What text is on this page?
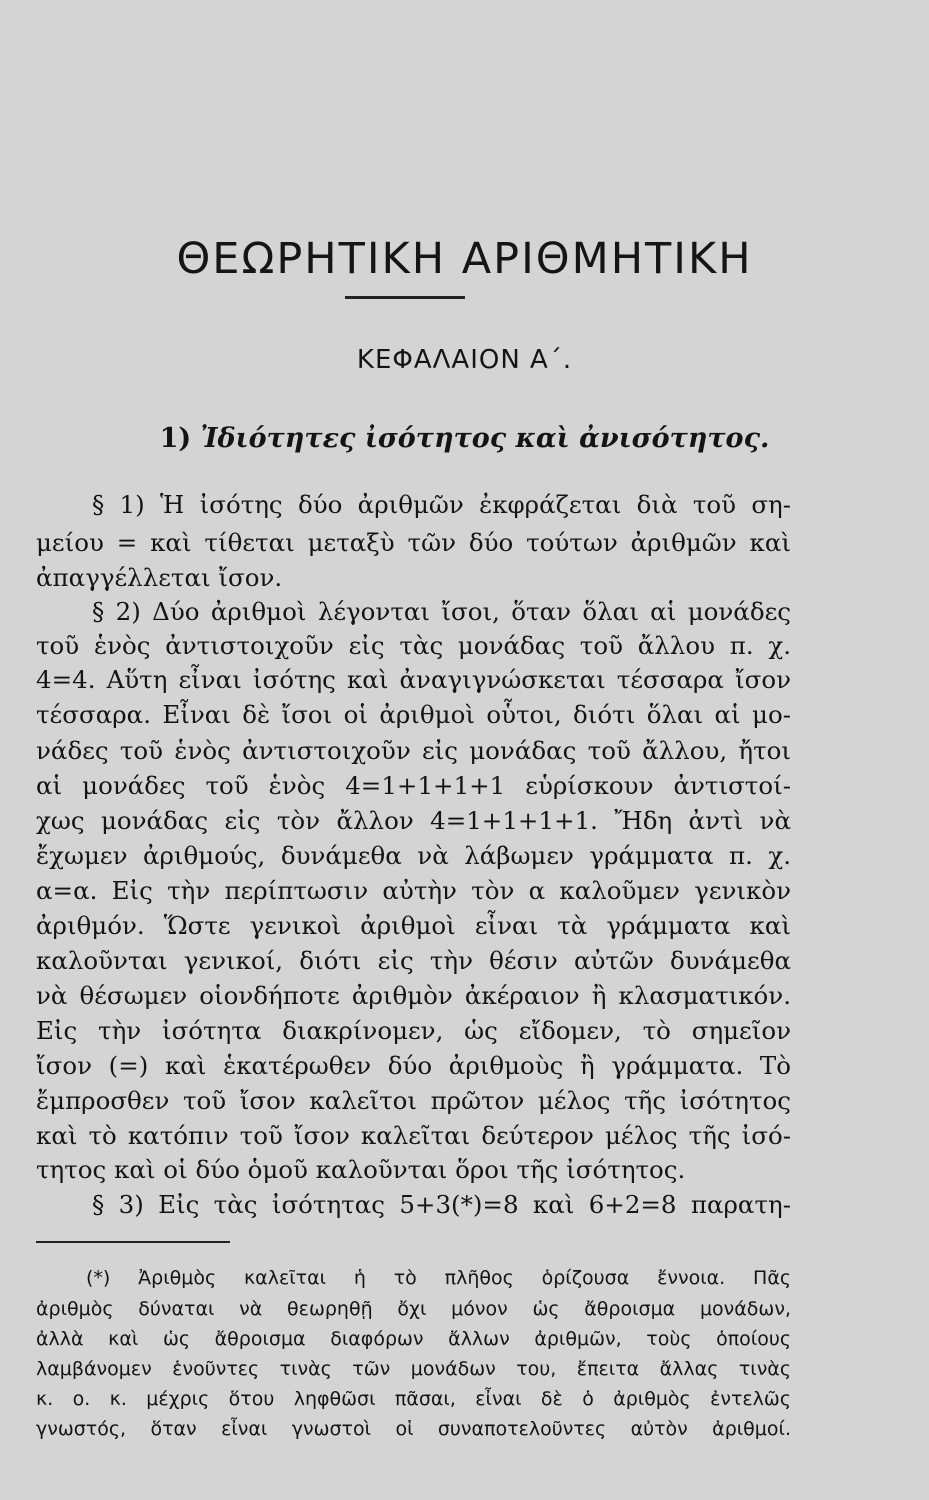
ΘΕΩΡΗΤΙΚΗ ΑΡΙΘΜΗΤΙΚΗ
ΚΕΦΑΛΑΙΟΝ Α΄.
1) Ἰδιότητες ἰσότητος καὶ ἀνισότητος.
§ 1) Ἡ ἰσότης δύο ἀριθμῶν ἐκφράζεται διὰ τοῦ ση-
μείου = καὶ τίθεται μεταξὺ τῶν δύο τούτων ἀριθμῶν καὶ
ἀπαγγέλλεται ἴσον.
§ 2) Δύο ἀριθμοὶ λέγονται ἴσοι, ὅταν ὅλαι αἱ μονάδες
τοῦ ἑνὸς ἀντιστοιχοῦν εἰς τὰς μονάδας τοῦ ἄλλου π. χ.
4=4. Αὕτη εἶναι ἰσότης καὶ ἀναγιγνώσκεται τέσσαρα ἴσον
τέσσαρα. Εἶναι δὲ ἴσοι οἱ ἀριθμοὶ οὗτοι, διότι ὅλαι αἱ μο-
νάδες τοῦ ἑνὸς ἀντιστοιχοῦν εἰς μονάδας τοῦ ἄλλου, ἤτοι
αἱ μονάδες τοῦ ἑνὸς 4=1+1+1+1 εὑρίσκουν ἀντιστοί-
χως μονάδας εἰς τὸν ἄλλον 4=1+1+1+1. Ἤδη ἀντὶ νὰ
ἔχωμεν ἀριθμούς, δυνάμεθα νὰ λάβωμεν γράμματα π. χ.
α=α. Εἰς τὴν περίπτωσιν αὐτὴν τὸν α καλοῦμεν γενικὸν
ἀριθμόν. Ὥστε γενικοὶ ἀριθμοὶ εἶναι τὰ γράμματα καὶ
καλοῦνται γενικοί, διότι εἰς τὴν θέσιν αὐτῶν δυνάμεθα
νὰ θέσωμεν οἱονδήποτε ἀριθμὸν ἀκέραιον ἢ κλασματικόν.
Εἰς τὴν ἰσότητα διακρίνομεν, ὡς εἴδομεν, τὸ σημεῖον
ἴσον (=) καὶ ἑκατέρωθεν δύο ἀριθμοὺς ἢ γράμματα. Τὸ
ἔμπροσθεν τοῦ ἴσον καλεῖτοι πρῶτον μέλος τῆς ἰσότητος
καὶ τὸ κατόπιν τοῦ ἴσον καλεῖται δεύτερον μέλος τῆς ἰσό-
τητος καὶ οἱ δύο ὁμοῦ καλοῦνται ὅροι τῆς ἰσότητος.
§ 3) Εἰς τὰς ἰσότητας 5+3(*)=8 καὶ 6+2=8 παρατη-
(*) Ἀριθμὸς καλεῖται ἡ τὸ πλῆθος ὁρίζουσα ἔννοια. Πᾶς
ἀριθμὸς δύναται νὰ θεωρηθῇ ὄχι μόνον ὡς ἄθροισμα μονάδων,
ἀλλὰ καὶ ὡς ἄθροισμα διαφόρων ἄλλων ἀριθμῶν, τοὺς ὁποίους
λαμβάνομεν ἑνοῦντες τινὰς τῶν μονάδων του, ἔπειτα ἄλλας τινὰς
κ. ο. κ. μέχρις ὅτου ληφθῶσι πᾶσαι, εἶναι δὲ ὁ ἀριθμὸς ἐντελῶς
γνωστός, ὅταν εἶναι γνωστοὶ οἱ συναποτελοῦντες αὐτὸν ἀριθμοί.
